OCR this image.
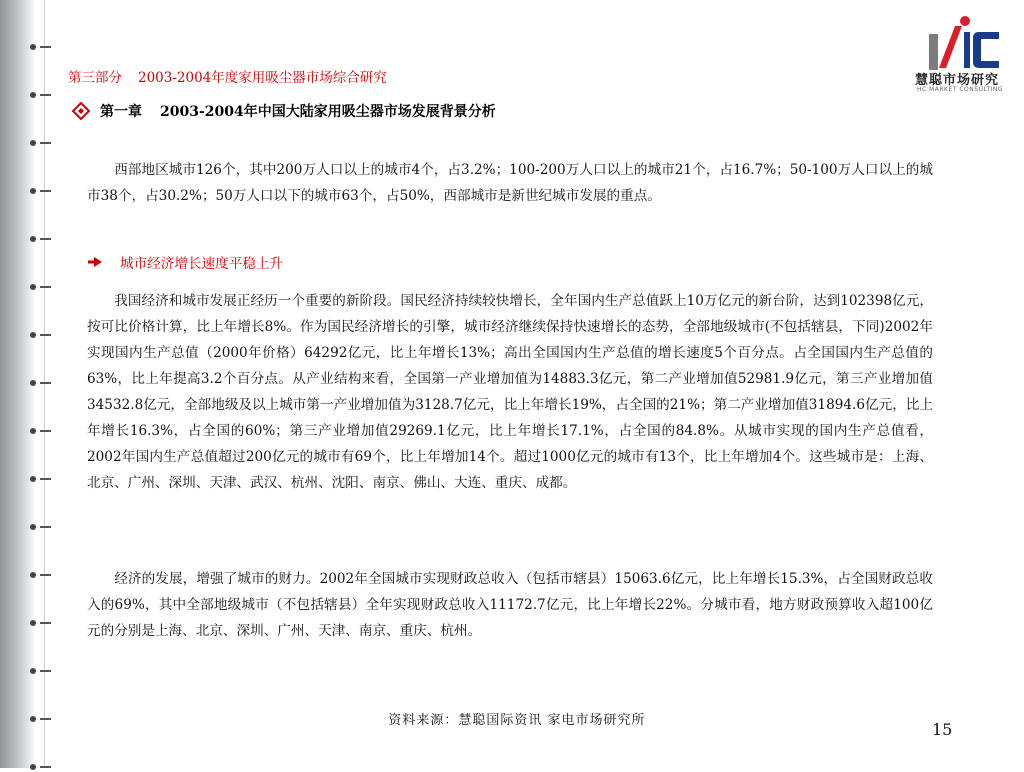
慧聪市场研究
HC MARKET CONSULTING
第三部分 2003-2004年度家用吸尘器市场综合研究
第一章 2003-2004年中国大陆家用吸尘器市场发展背景分析

西部地区城市126个，其中200万人口以上的城市4个，占3.2%；100-200万人口以上的城市21个，占16.7%；50-100万人口以上的城市38个，占30.2%；50万人口以下的城市63个，占50%，西部城市是新世纪城市发展的重点。

城市经济增长速度平稳上升

我国经济和城市发展正经历一个重要的新阶段。国民经济持续较快增长，全年国内生产总值跃上10万亿元的新台阶，达到102398亿元，按可比价格计算，比上年增长8%。作为国民经济增长的引擎，城市经济继续保持快速增长的态势，全部地级城市(不包括辖县，下同)2002年实现国内生产总值（2000年价格）64292亿元，比上年增长13%；高出全国国内生产总值的增长速度5个百分点。占全国国内生产总值的63%，比上年提高3.2个百分点。从产业结构来看，全国第一产业增加值为14883.3亿元，第二产业增加值52981.9亿元，第三产业增加值34532.8亿元，全部地级及以上城市第一产业增加值为3128.7亿元，比上年增长19%，占全国的21%；第二产业增加值31894.6亿元，比上年增长16.3%，占全国的60%；第三产业增加值29269.1亿元，比上年增长17.1%，占全国的84.8%。从城市实现的国内生产总值看，2002年国内生产总值超过200亿元的城市有69个，比上年增加14个。超过1000亿元的城市有13个，比上年增加4个。这些城市是：上海、北京、广州、深圳、天津、武汉、杭州、沈阳、南京、佛山、大连、重庆、成都。

经济的发展，增强了城市的财力。2002年全国城市实现财政总收入（包括市辖县）15063.6亿元，比上年增长15.3%，占全国财政总收入的69%，其中全部地级城市（不包括辖县）全年实现财政总收入11172.7亿元，比上年增长22%。分城市看，地方财政预算收入超100亿元的分别是上海、北京、深圳、广州、天津、南京、重庆、杭州。

资料来源：慧聪国际资讯 家电市场研究所	15
